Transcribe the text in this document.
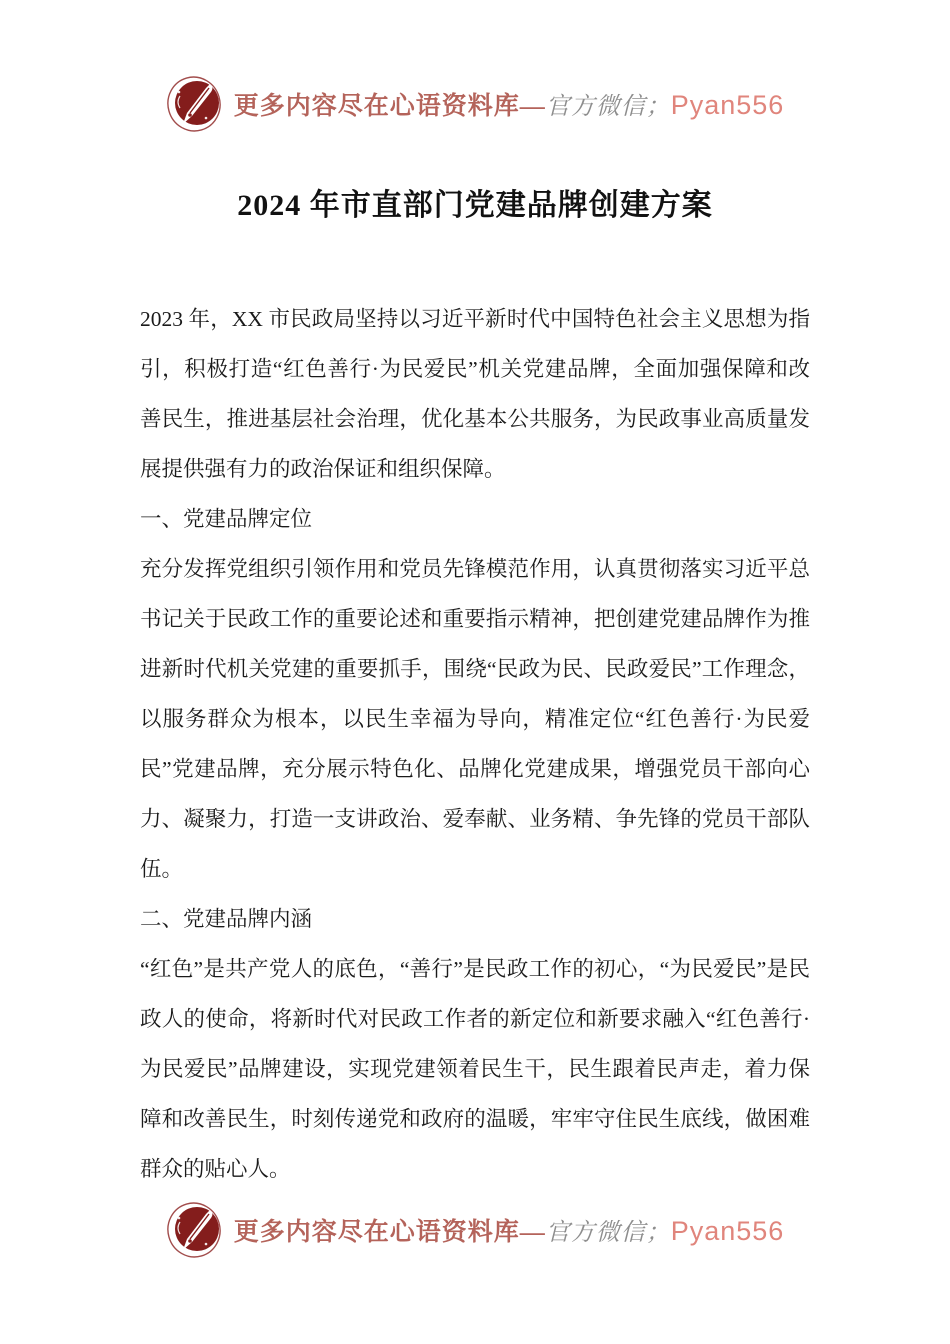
更多内容尽在心语资料库—官方微信；Pyan556
2024 年市直部门党建品牌创建方案

2023 年，XX 市民政局坚持以习近平新时代中国特色社会主义思想为指引，积极打造“红色善行·为民爱民”机关党建品牌，全面加强保障和改善民生，推进基层社会治理，优化基本公共服务，为民政事业高质量发展提供强有力的政治保证和组织保障。

一、党建品牌定位

充分发挥党组织引领作用和党员先锋模范作用，认真贯彻落实习近平总书记关于民政工作的重要论述和重要指示精神，把创建党建品牌作为推进新时代机关党建的重要抓手，围绕“民政为民、民政爱民”工作理念，以服务群众为根本，以民生幸福为导向，精准定位“红色善行·为民爱民”党建品牌，充分展示特色化、品牌化党建成果，增强党员干部向心力、凝聚力，打造一支讲政治、爱奉献、业务精、争先锋的党员干部队伍。

二、党建品牌内涵

“红色”是共产党人的底色，“善行”是民政工作的初心，“为民爱民”是民政人的使命，将新时代对民政工作者的新定位和新要求融入“红色善行·为民爱民”品牌建设，实现党建领着民生干，民生跟着民声走，着力保障和改善民生，时刻传递党和政府的温暖，牢牢守住民生底线，做困难群众的贴心人。

更多内容尽在心语资料库—官方微信；Pyan556
